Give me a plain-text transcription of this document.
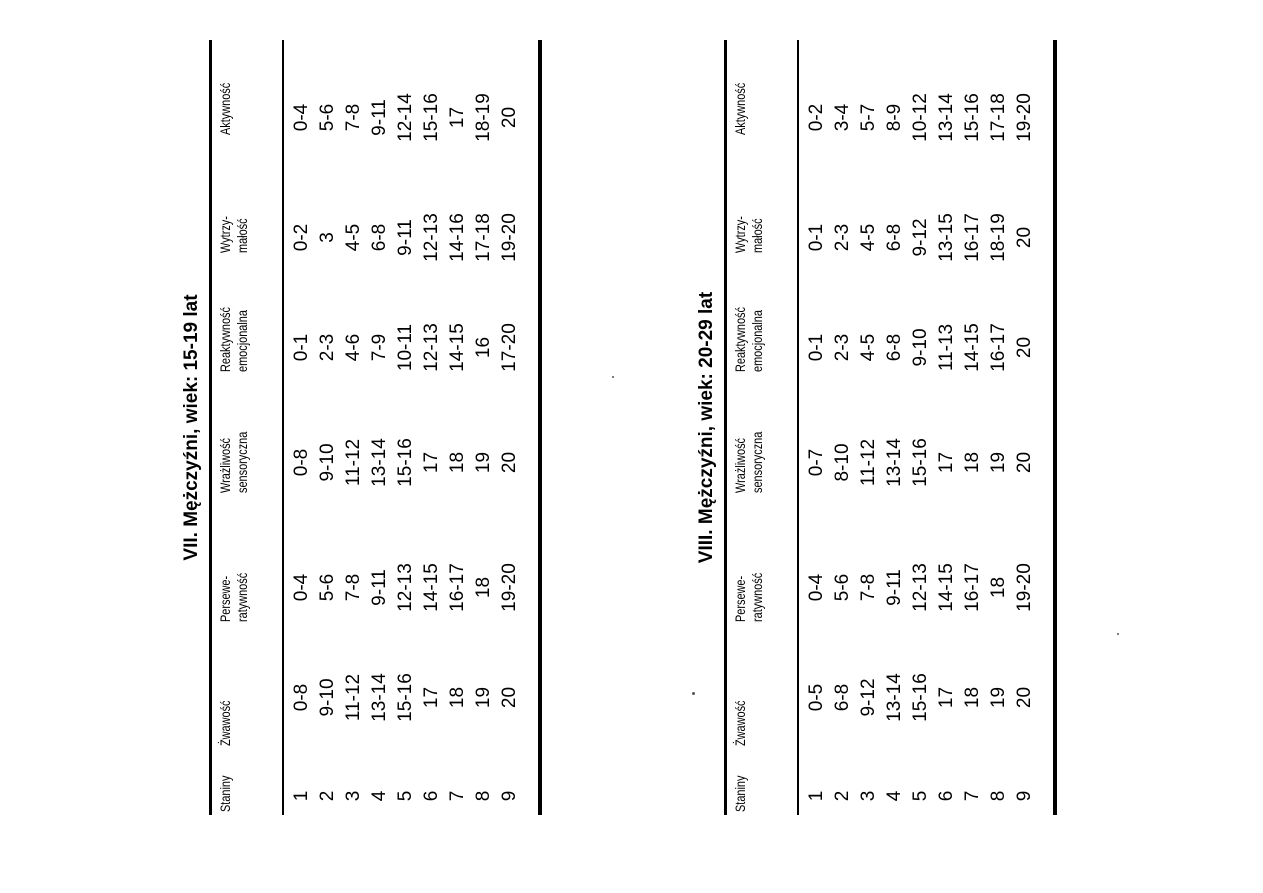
VII. Mężczyźni, wiek: 15-19 lat
Staniny
Żwawość
Persewe- ratywność
Wrażliwość sensoryczna
Reaktywność emocjonalna
Wytrzy- małość
Aktywność
1 2 3 4 5 6 7 8 9
0-8 9-10 11-12 13-14 15-16 17 18 19 20
0-4 5-6 7-8 9-11 12-13 14-15 16-17 18 19-20
0-8 9-10 11-12 13-14 15-16 17 18 19 20
0-1 2-3 4-6 7-9 10-11 12-13 14-15 16 17-20
0-2 3 4-5 6-8 9-11 12-13 14-16 17-18 19-20
0-4 5-6 7-8 9-11 12-14 15-16 17 18-19 20
VIII. Mężczyźni, wiek: 20-29 lat
Staniny
Żwawość
Persewe- ratywność
Wrażliwość sensoryczna
Reaktywność emocjonalna
Wytrzy- małość
Aktywność
1 2 3 4 5 6 7 8 9
0-5 6-8 9-12 13-14 15-16 17 18 19 20
0-4 5-6 7-8 9-11 12-13 14-15 16-17 18 19-20
0-7 8-10 11-12 13-14 15-16 17 18 19 20
0-1 2-3 4-5 6-8 9-10 11-13 14-15 16-17 20
0-1 2-3 4-5 6-8 9-12 13-15 16-17 18-19 20
0-2 3-4 5-7 8-9 10-12 13-14 15-16 17-18 19-20
